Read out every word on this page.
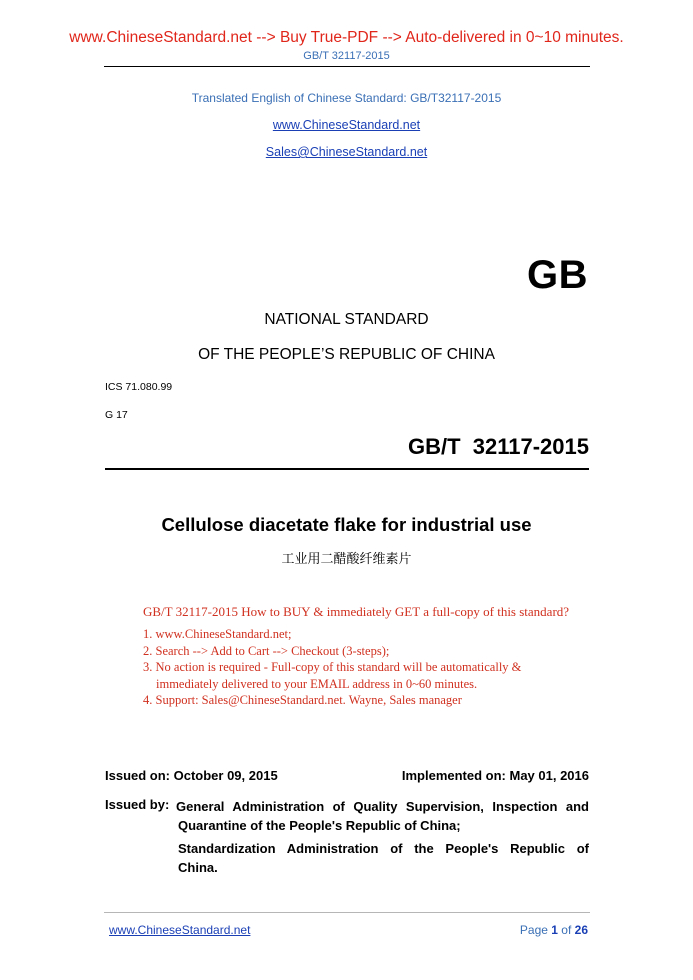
www.ChineseStandard.net --> Buy True-PDF --> Auto-delivered in 0~10 minutes.
GB/T 32117-2015
Translated English of Chinese Standard: GB/T32117-2015
www.ChineseStandard.net
Sales@ChineseStandard.net
GB
NATIONAL STANDARD
OF THE PEOPLE’S REPUBLIC OF CHINA
ICS 71.080.99
G 17
GB/T  32117-2015
Cellulose diacetate flake for industrial use
工业用二醋酸纤维素片
GB/T 32117-2015 How to BUY & immediately GET a full-copy of this standard?
1. www.ChineseStandard.net;
2. Search --> Add to Cart --> Checkout (3-steps);
3. No action is required - Full-copy of this standard will be automatically &
immediately delivered to your EMAIL address in 0~60 minutes.
4. Support: Sales@ChineseStandard.net. Wayne, Sales manager
Issued on: October 09, 2015	Implemented on: May 01, 2016
Issued by: General Administration of Quality Supervision, Inspection and
Quarantine of the People's Republic of China;
Standardization Administration of the People's Republic of
China.
www.ChineseStandard.net	Page 1 of 26
